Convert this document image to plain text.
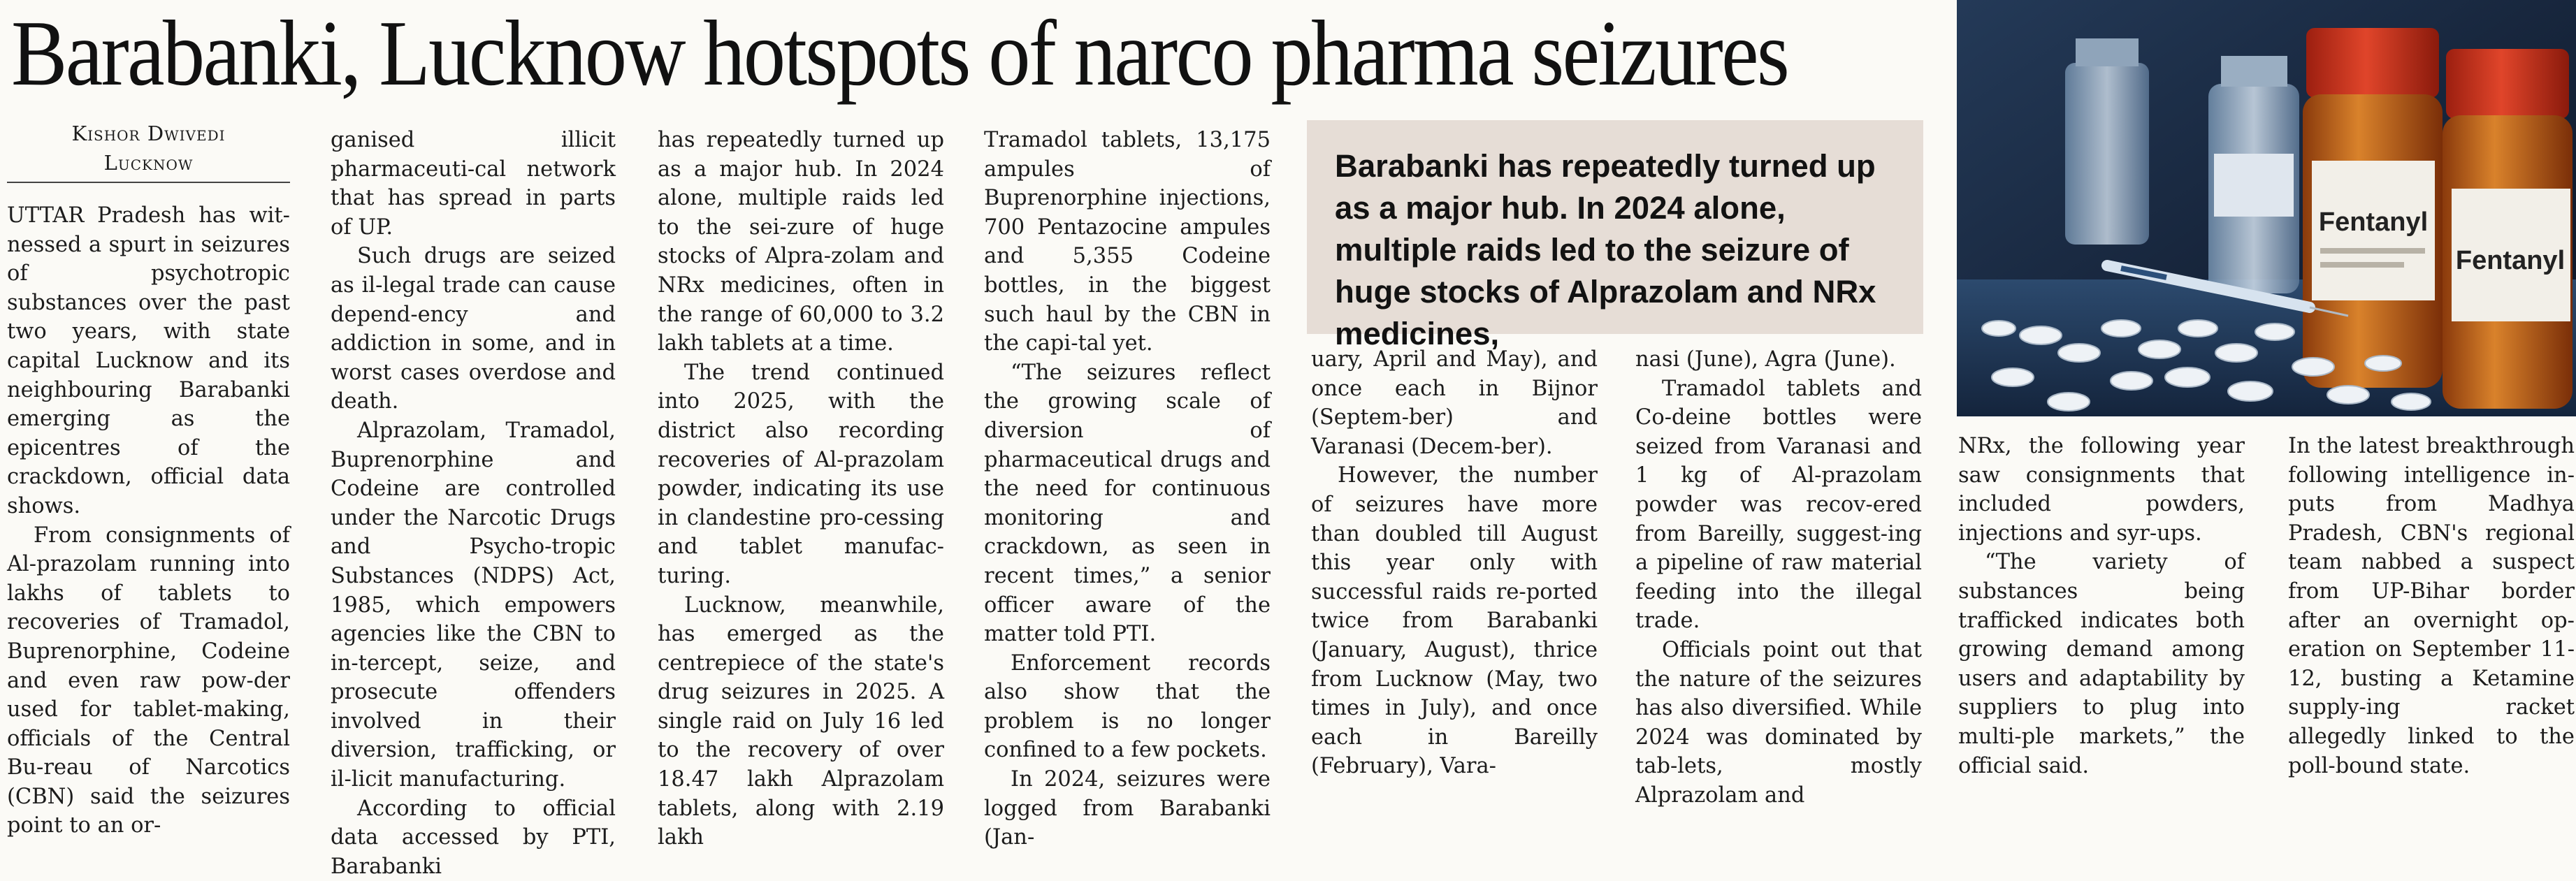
Barabanki, Lucknow hotspots of narco pharma seizures
Kishor Dwivedi
Lucknow

UTTAR Pradesh has wit-nessed a spurt in seizures of psychotropic substances over the past two years, with state capital Lucknow and its neighbouring Barabanki emerging as the epicentres of the crackdown, official data shows.

From consignments of Al-prazolam running into lakhs of tablets to recoveries of Tramadol, Buprenorphine, Codeine and even raw pow-der used for tablet-making, officials of the Central Bu-reau of Narcotics (CBN) said the seizures point to an or-

ganised illicit pharmaceuti-cal network that has spread in parts of UP.

Such drugs are seized as il-legal trade can cause depend-ency and addiction in some, and in worst cases overdose and death.

Alprazolam, Tramadol, Buprenorphine and Codeine are controlled under the Narcotic Drugs and Psycho-tropic Substances (NDPS) Act, 1985, which empowers agencies like the CBN to in-tercept, seize, and prosecute offenders involved in their diversion, trafficking, or il-licit manufacturing.

According to official data accessed by PTI, Barabanki

has repeatedly turned up as a major hub. In 2024 alone, multiple raids led to the sei-zure of huge stocks of Alpra-zolam and NRx medicines, often in the range of 60,000 to 3.2 lakh tablets at a time.

The trend continued into 2025, with the district also recording recoveries of Al-prazolam powder, indicating its use in clandestine pro-cessing and tablet manufac-turing.

Lucknow, meanwhile, has emerged as the centrepiece of the state's drug seizures in 2025. A single raid on July 16 led to the recovery of over 18.47 lakh Alprazolam tablets, along with 2.19 lakh

Tramadol tablets, 13,175 ampules of Buprenorphine injections, 700 Pentazocine ampules and 5,355 Codeine bottles, in the biggest such haul by the CBN in the capi-tal yet.

“The seizures reflect the growing scale of diversion of pharmaceutical drugs and the need for continuous monitoring and crackdown, as seen in recent times,” a senior officer aware of the matter told PTI.

Enforcement records also show that the problem is no longer confined to a few pockets.

In 2024, seizures were logged from Barabanki (Jan-

Barabanki has repeatedly turned up as a major hub. In 2024 alone, multiple raids led to the seizure of huge stocks of Alprazolam and NRx medicines,

uary, April and May), and once each in Bijnor (Septem-ber) and Varanasi (Decem-ber).

However, the number of seizures have more than doubled till August this year only with successful raids re-ported twice from Barabanki (January, August), thrice from Lucknow (May, two times in July), and once each in Bareilly (February), Vara-

nasi (June), Agra (June).

Tramadol tablets and Co-deine bottles were seized from Varanasi and 1 kg of Al-prazolam powder was recov-ered from Bareilly, suggest-ing a pipeline of raw material feeding into the illegal trade.

Officials point out that the nature of the seizures has also diversified. While 2024 was dominated by tab-lets, mostly Alprazolam and

Fentanyl
Fentanyl

NRx, the following year saw consignments that included powders, injections and syr-ups.

“The variety of substances being trafficked indicates both growing demand among users and adaptability by suppliers to plug into multi-ple markets,” the official said.

In the latest breakthrough following intelligence in-puts from Madhya Pradesh, CBN's regional team nabbed a suspect from UP-Bihar border after an overnight op-eration on September 11-12, busting a Ketamine supply-ing racket allegedly linked to the poll-bound state.
